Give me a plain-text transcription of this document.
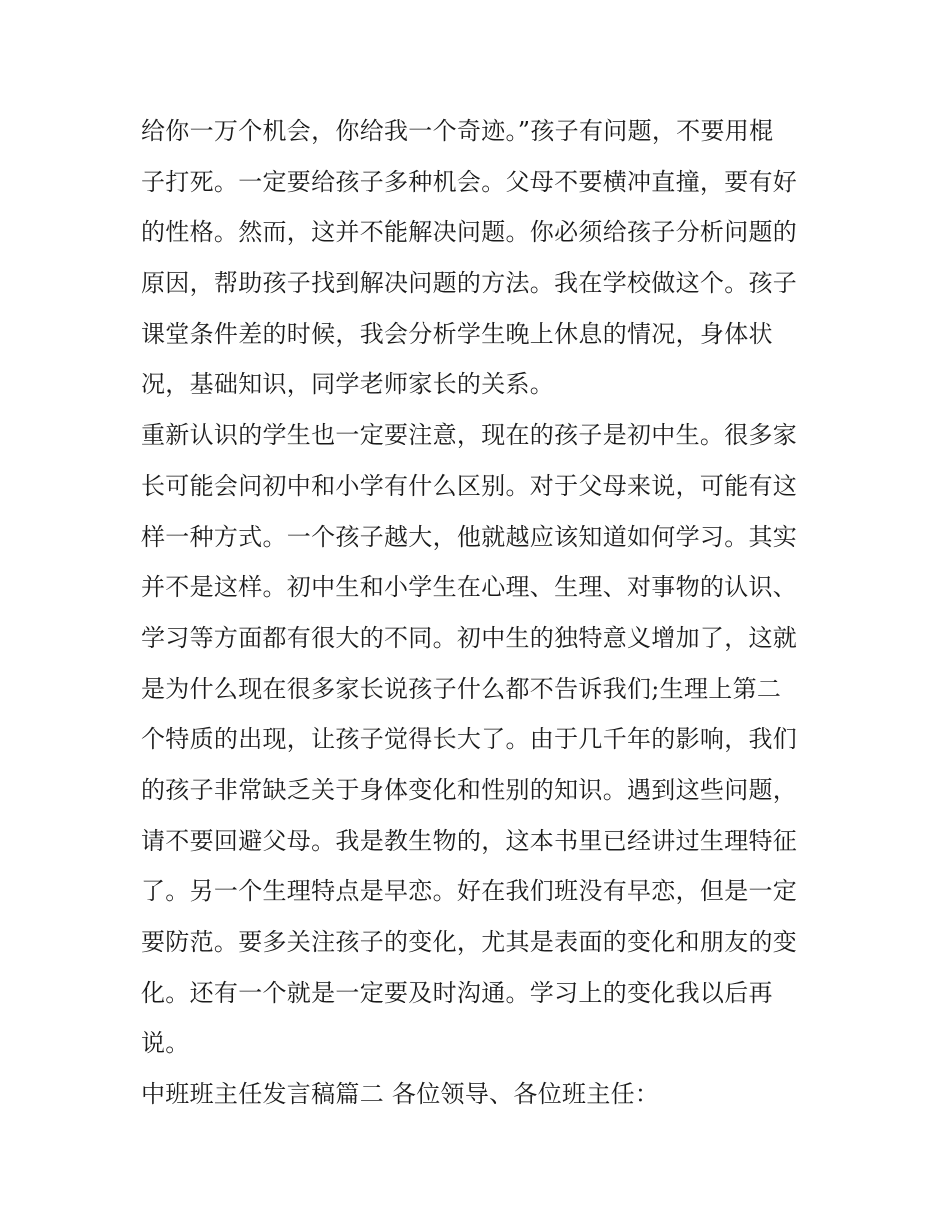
给你一万个机会，你给我一个奇迹。”孩子有问题，不要用棍
子打死。一定要给孩子多种机会。父母不要横冲直撞，要有好
的性格。然而，这并不能解决问题。你必须给孩子分析问题的
原因，帮助孩子找到解决问题的方法。我在学校做这个。孩子
课堂条件差的时候，我会分析学生晚上休息的情况，身体状
况，基础知识，同学老师家长的关系。
重新认识的学生也一定要注意，现在的孩子是初中生。很多家
长可能会问初中和小学有什么区别。对于父母来说，可能有这
样一种方式。一个孩子越大，他就越应该知道如何学习。其实
并不是这样。初中生和小学生在心理、生理、对事物的认识、
学习等方面都有很大的不同。初中生的独特意义增加了，这就
是为什么现在很多家长说孩子什么都不告诉我们;生理上第二
个特质的出现，让孩子觉得长大了。由于几千年的影响，我们
的孩子非常缺乏关于身体变化和性别的知识。遇到这些问题，
请不要回避父母。我是教生物的，这本书里已经讲过生理特征
了。另一个生理特点是早恋。好在我们班没有早恋，但是一定
要防范。要多关注孩子的变化，尤其是表面的变化和朋友的变
化。还有一个就是一定要及时沟通。学习上的变化我以后再
说。
中班班主任发言稿篇二 各位领导、各位班主任：
